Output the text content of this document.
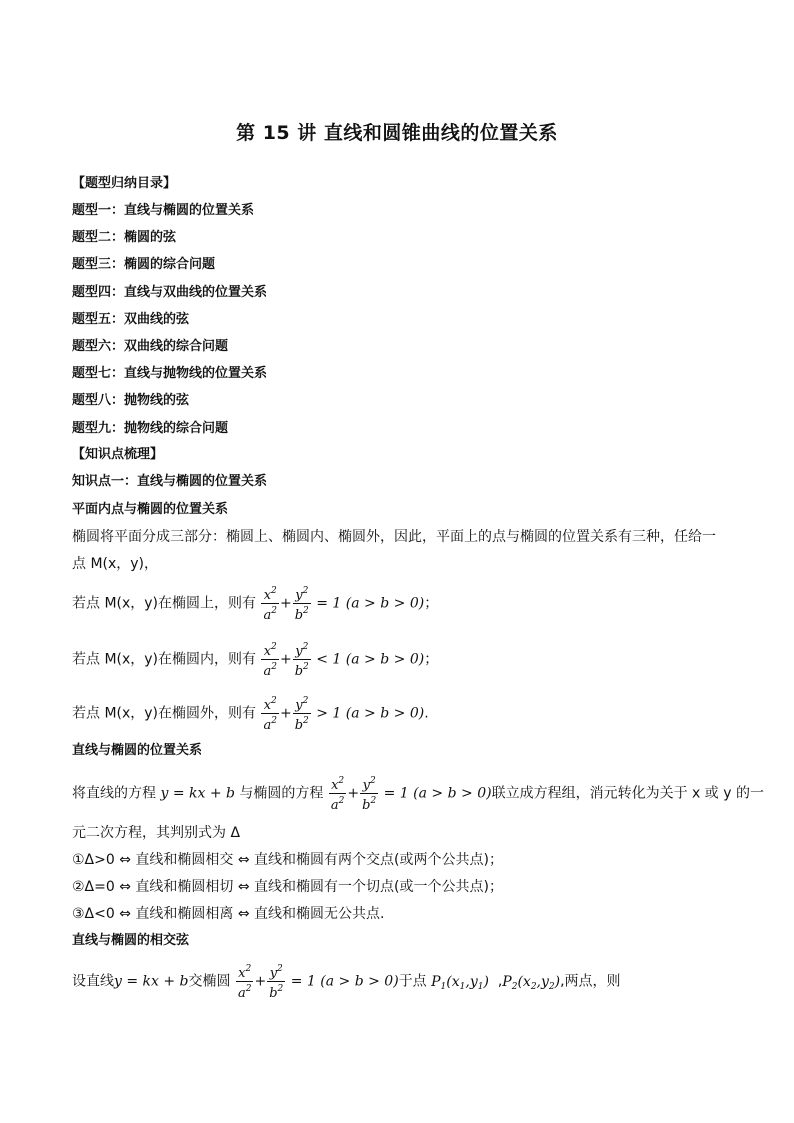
第 15 讲 直线和圆锥曲线的位置关系
【题型归纳目录】
题型一：直线与椭圆的位置关系
题型二：椭圆的弦
题型三：椭圆的综合问题
题型四：直线与双曲线的位置关系
题型五：双曲线的弦
题型六：双曲线的综合问题
题型七：直线与抛物线的位置关系
题型八：抛物线的弦
题型九：抛物线的综合问题
【知识点梳理】
知识点一：直线与椭圆的位置关系
平面内点与椭圆的位置关系
椭圆将平面分成三部分：椭圆上、椭圆内、椭圆外，因此，平面上的点与椭圆的位置关系有三种，任给一
点 M(x，y)，
若点 M(x，y)在椭圆上，则有 $\frac{x^2}{a^2} + \frac{y^2}{b^2} = 1$ (a > b > 0)；
若点 M(x，y)在椭圆内，则有 $\frac{x^2}{a^2} + \frac{y^2}{b^2} < 1$ (a > b > 0)；
若点 M(x，y)在椭圆外，则有 $\frac{x^2}{a^2} + \frac{y^2}{b^2} > 1$ (a > b > 0).
直线与椭圆的位置关系
将直线的方程 y = kx + b 与椭圆的方程 $\frac{x^2}{a^2} + \frac{y^2}{b^2} = 1$ (a > b > 0)联立成方程组，消元转化为关于 x 或 y 的一
元二次方程，其判别式为 Δ
①Δ>0 ⇔ 直线和椭圆相交 ⇔ 直线和椭圆有两个交点(或两个公共点)；
②Δ=0 ⇔ 直线和椭圆相切 ⇔ 直线和椭圆有一个切点(或一个公共点)；
③Δ<0 ⇔ 直线和椭圆相离 ⇔ 直线和椭圆无公共点.
直线与椭圆的相交弦
设直线y = kx + b交椭圆 $\frac{x^2}{a^2} + \frac{y^2}{b^2} = 1$ (a > b > 0)于点 $P_1(x_1,y_1)$  $,P_2(x_2,y_2)$,两点，则
